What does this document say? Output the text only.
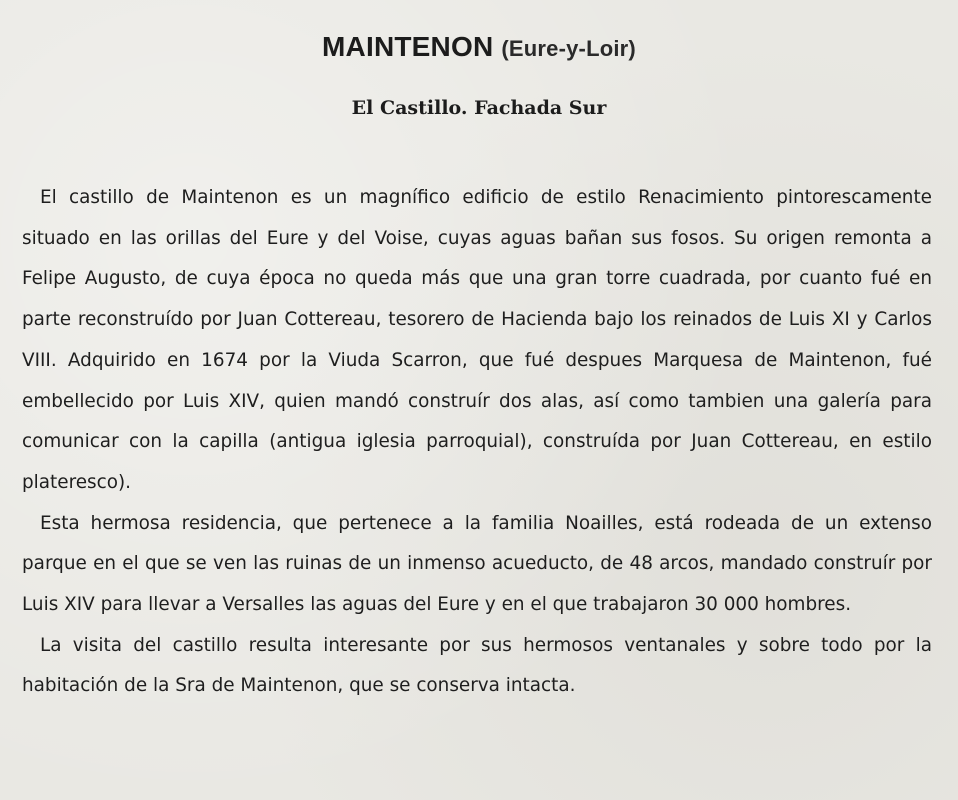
MAINTENON (Eure-y-Loir)
El Castillo. Fachada Sur

El castillo de Maintenon es un magnífico edificio de estilo Renacimiento pintorescamente situado en las orillas del Eure y del Voise, cuyas aguas bañan sus fosos. Su origen remonta a Felipe Augusto, de cuya época no queda más que una gran torre cuadrada, por cuanto fué en parte reconstruído por Juan Cottereau, tesorero de Hacienda bajo los reinados de Luis XI y Carlos VIII. Adquirido en 1674 por la Viuda Scarron, que fué despues Marquesa de Maintenon, fué embellecido por Luis XIV, quien mandó construír dos alas, así como tambien una galería para comunicar con la capilla (antigua iglesia parroquial), construída por Juan Cottereau, en estilo plateresco).

Esta hermosa residencia, que pertenece a la familia Noailles, está rodeada de un extenso parque en el que se ven las ruinas de un inmenso acueducto, de 48 arcos, mandado construír por Luis XIV para llevar a Versalles las aguas del Eure y en el que trabajaron 30 000 hombres.

La visita del castillo resulta interesante por sus hermosos ventanales y sobre todo por la habitación de la Sra de Maintenon, que se conserva intacta.
